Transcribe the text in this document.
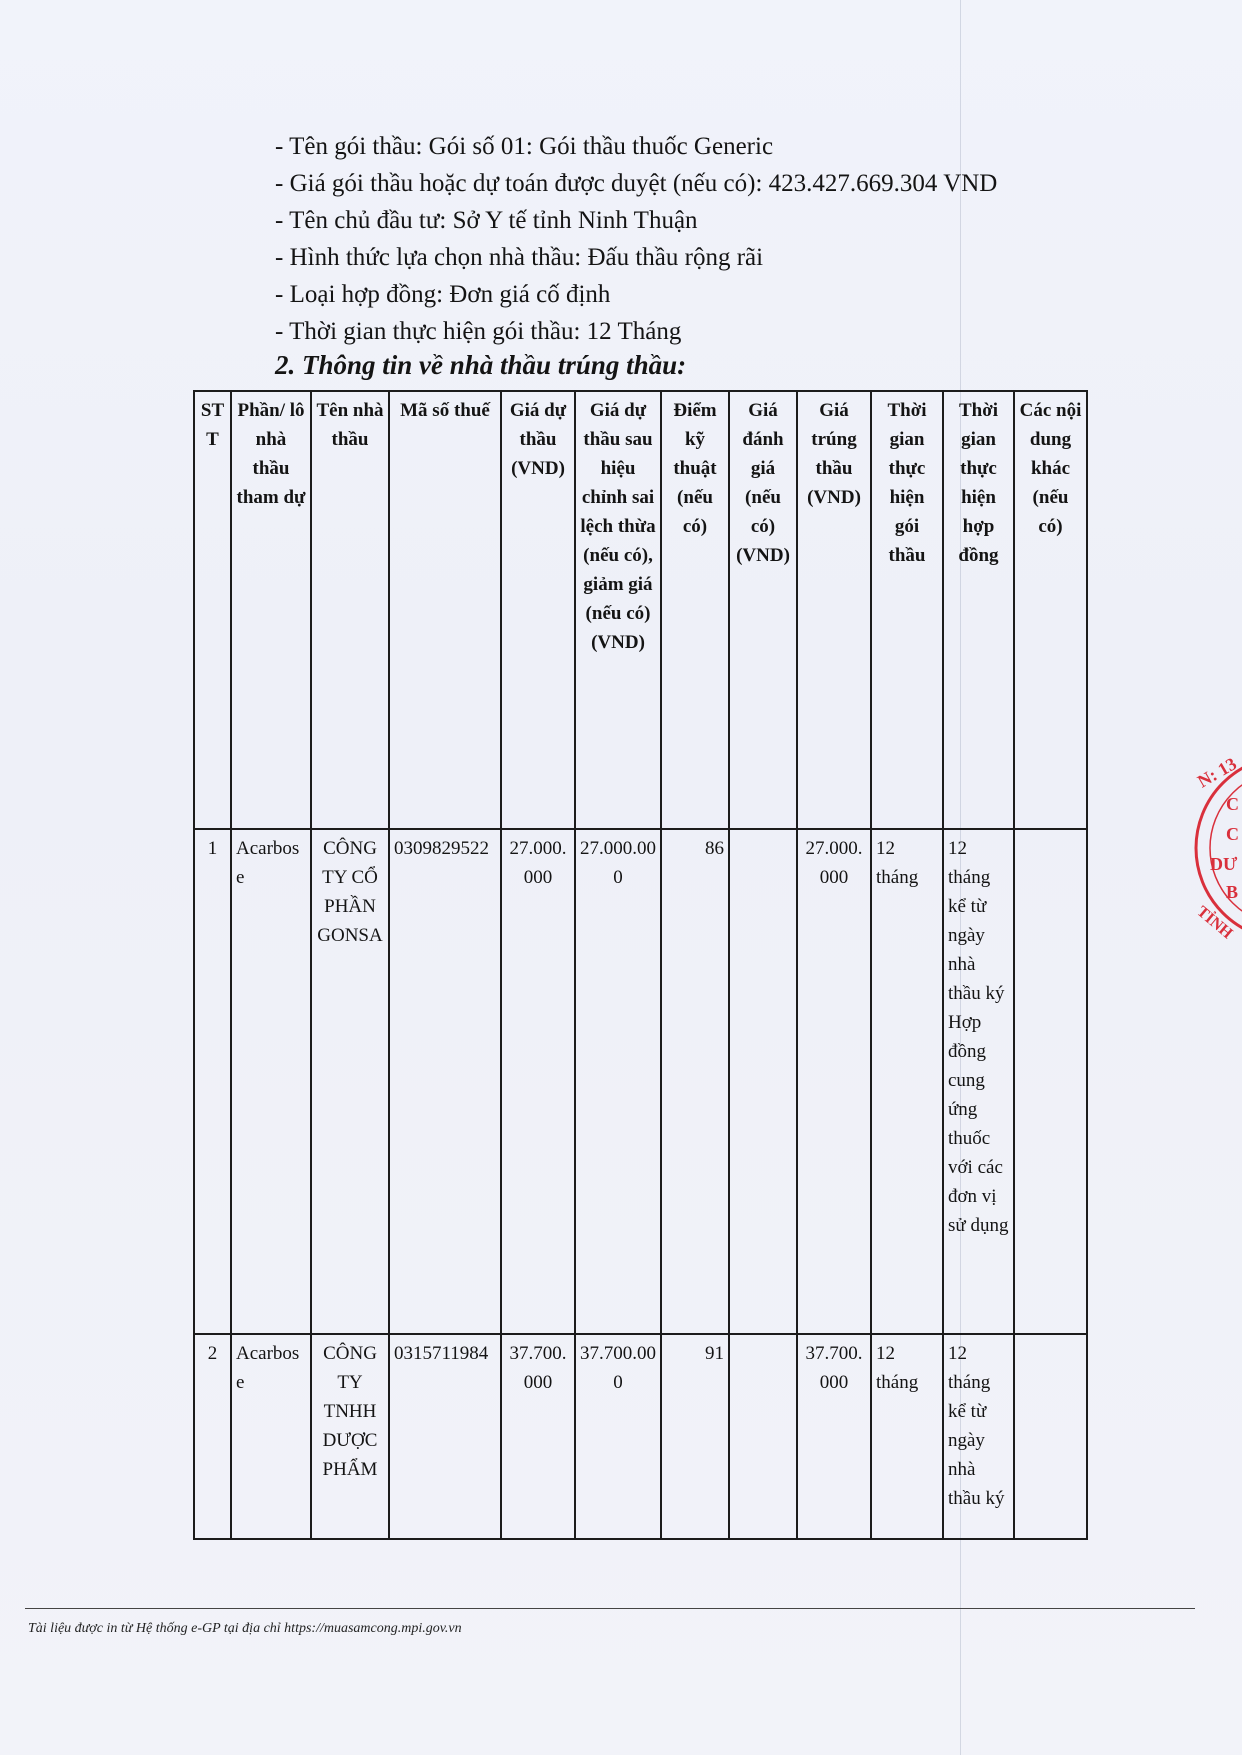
- Tên gói thầu: Gói số 01: Gói thầu thuốc Generic
- Giá gói thầu hoặc dự toán được duyệt (nếu có): 423.427.669.304 VND
- Tên chủ đầu tư: Sở Y tế tỉnh Ninh Thuận
- Hình thức lựa chọn nhà thầu: Đấu thầu rộng rãi
- Loại hợp đồng: Đơn giá cố định
- Thời gian thực hiện gói thầu: 12 Tháng
2. Thông tin về nhà thầu trúng thầu:
STT	Phần/ lô nhà thầu tham dự	Tên nhà thầu	Mã số thuế	Giá dự thầu (VND)	Giá dự thầu sau hiệu chỉnh sai lệch thừa (nếu có), giảm giá (nếu có) (VND)	Điểm kỹ thuật (nếu có)	Giá đánh giá (nếu có) (VND)	Giá trúng thầu (VND)	Thời gian thực hiện gói thầu	Thời gian thực hiện hợp đồng	Các nội dung khác (nếu có)
1	Acarbose	CÔNG TY CỔ PHẦN GONSA	0309829522	27.000.000	27.000.000	86		27.000.000	12 tháng	12 tháng kể từ ngày nhà thầu ký Hợp đồng cung ứng thuốc với các đơn vị sử dụng	
2	Acarbose	CÔNG TY TNHH DƯỢC PHẨM	0315711984	37.700.000	37.700.000	91		37.700.000	12 tháng	12 tháng kể từ ngày nhà thầu ký	
Tài liệu được in từ Hệ thống e-GP tại địa chỉ https://muasamcong.mpi.gov.vn
N: 13
C
C
DƯ
B
TỈNH
